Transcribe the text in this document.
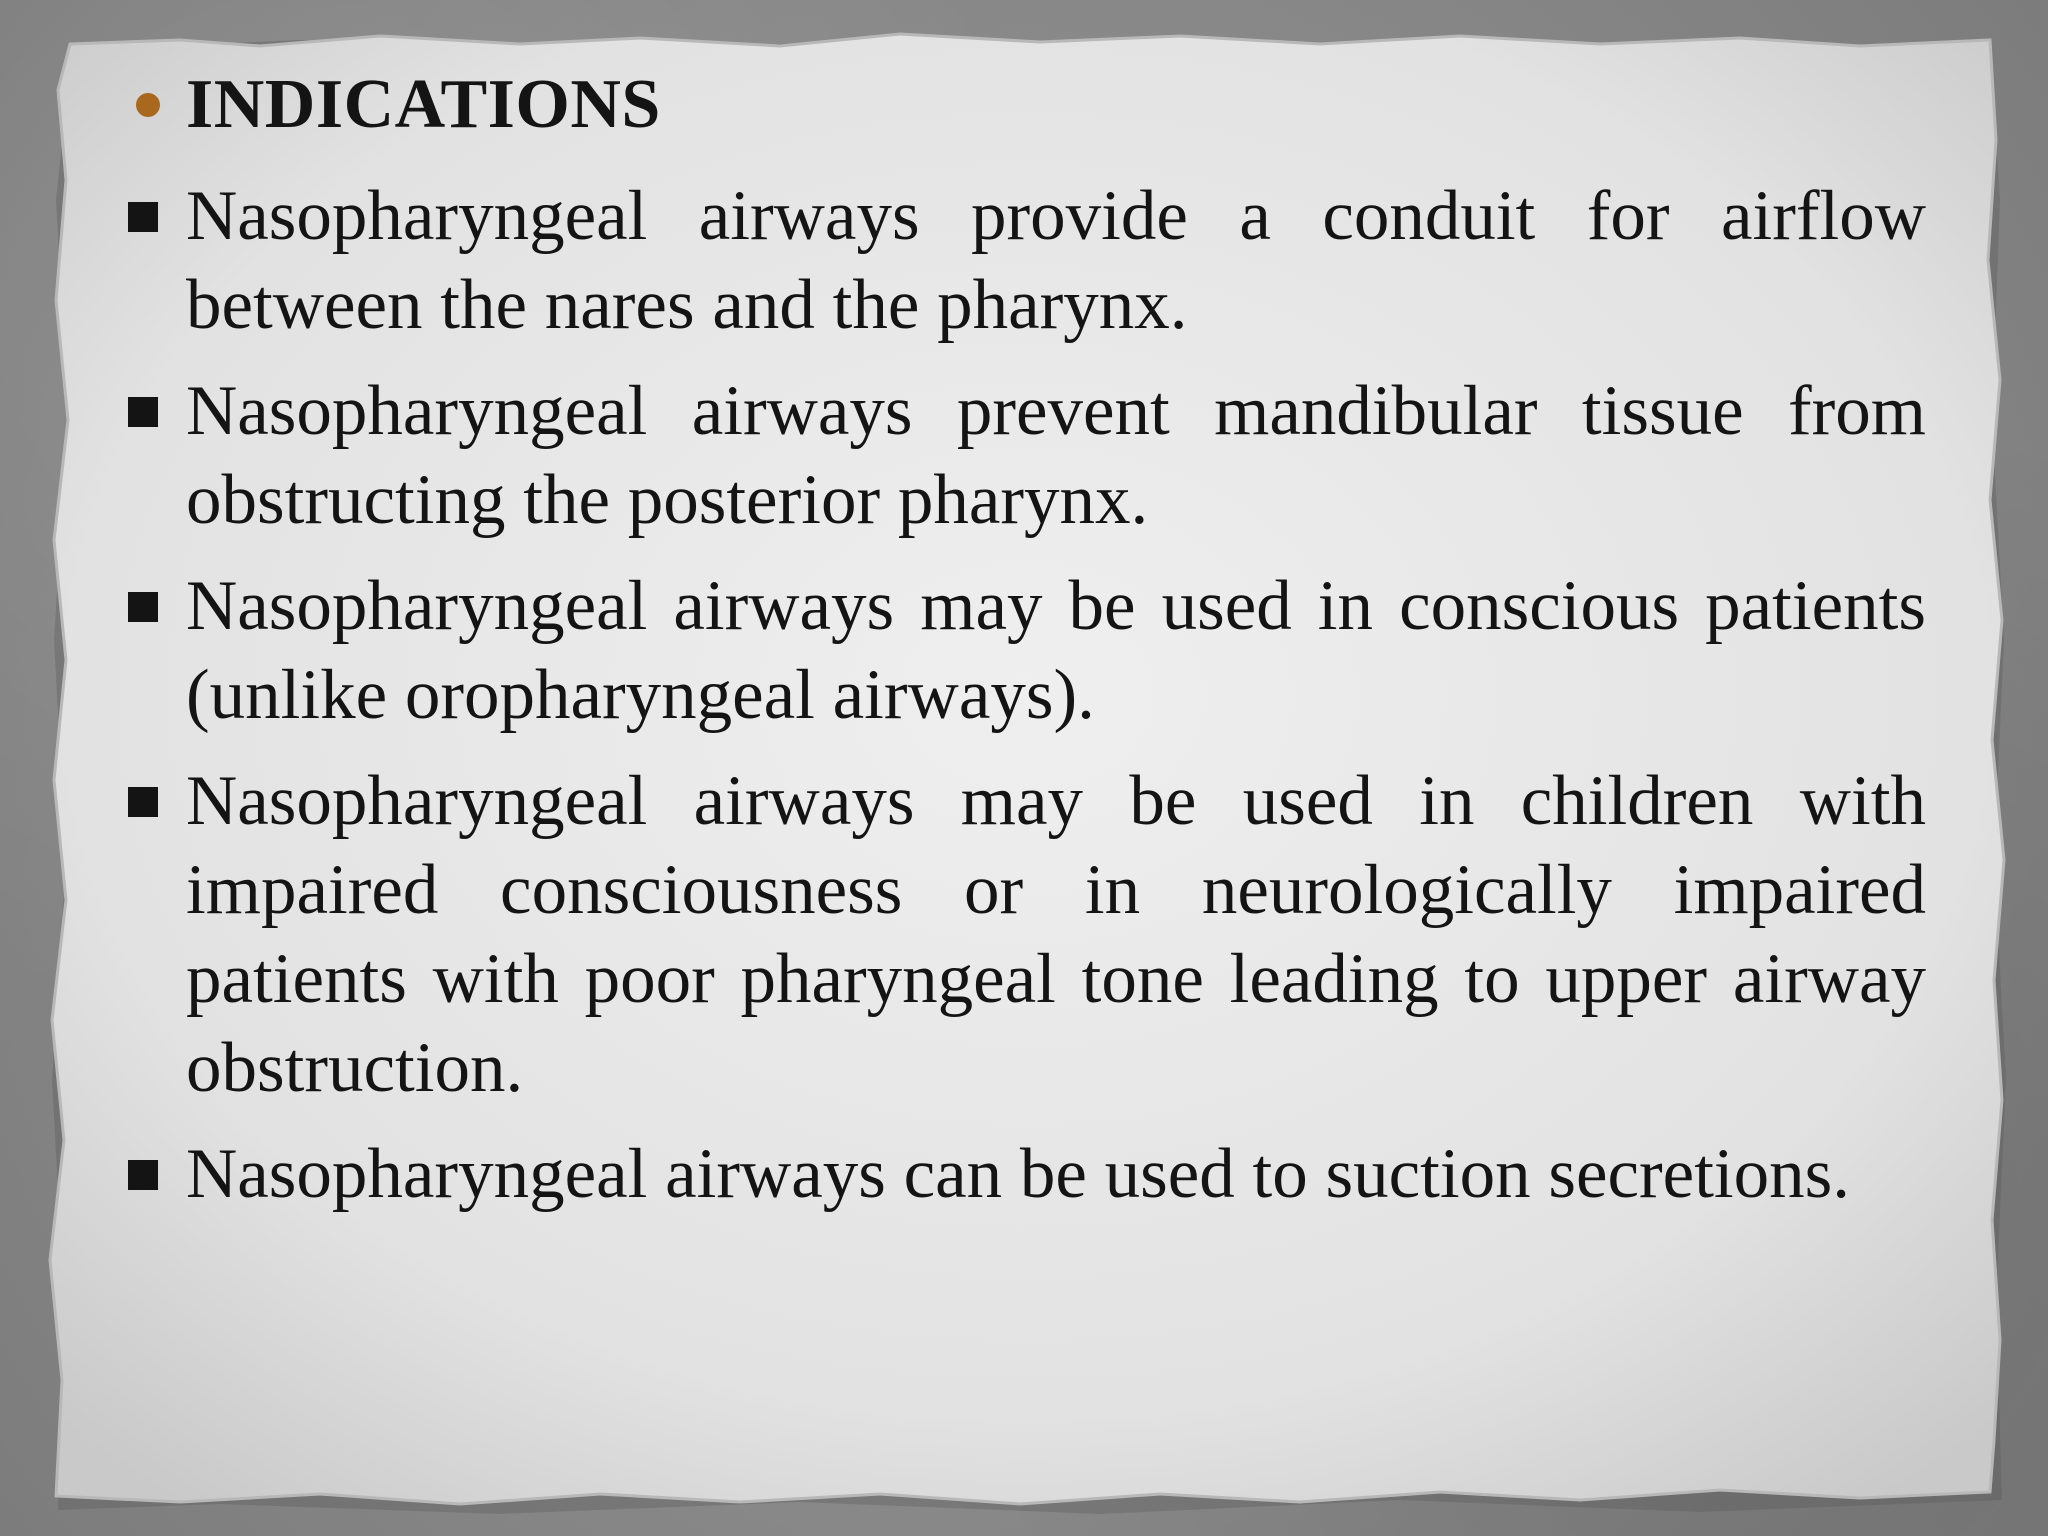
INDICATIONS
Nasopharyngeal airways provide a conduit for airflow between the nares and the pharynx.
Nasopharyngeal airways prevent mandibular tissue from obstructing the posterior pharynx.
Nasopharyngeal airways may be used in conscious patients (unlike oropharyngeal airways).
Nasopharyngeal airways may be used in children with impaired consciousness or in neurologically impaired patients with poor pharyngeal tone leading to upper airway obstruction.
Nasopharyngeal airways can be used to suction secretions.
